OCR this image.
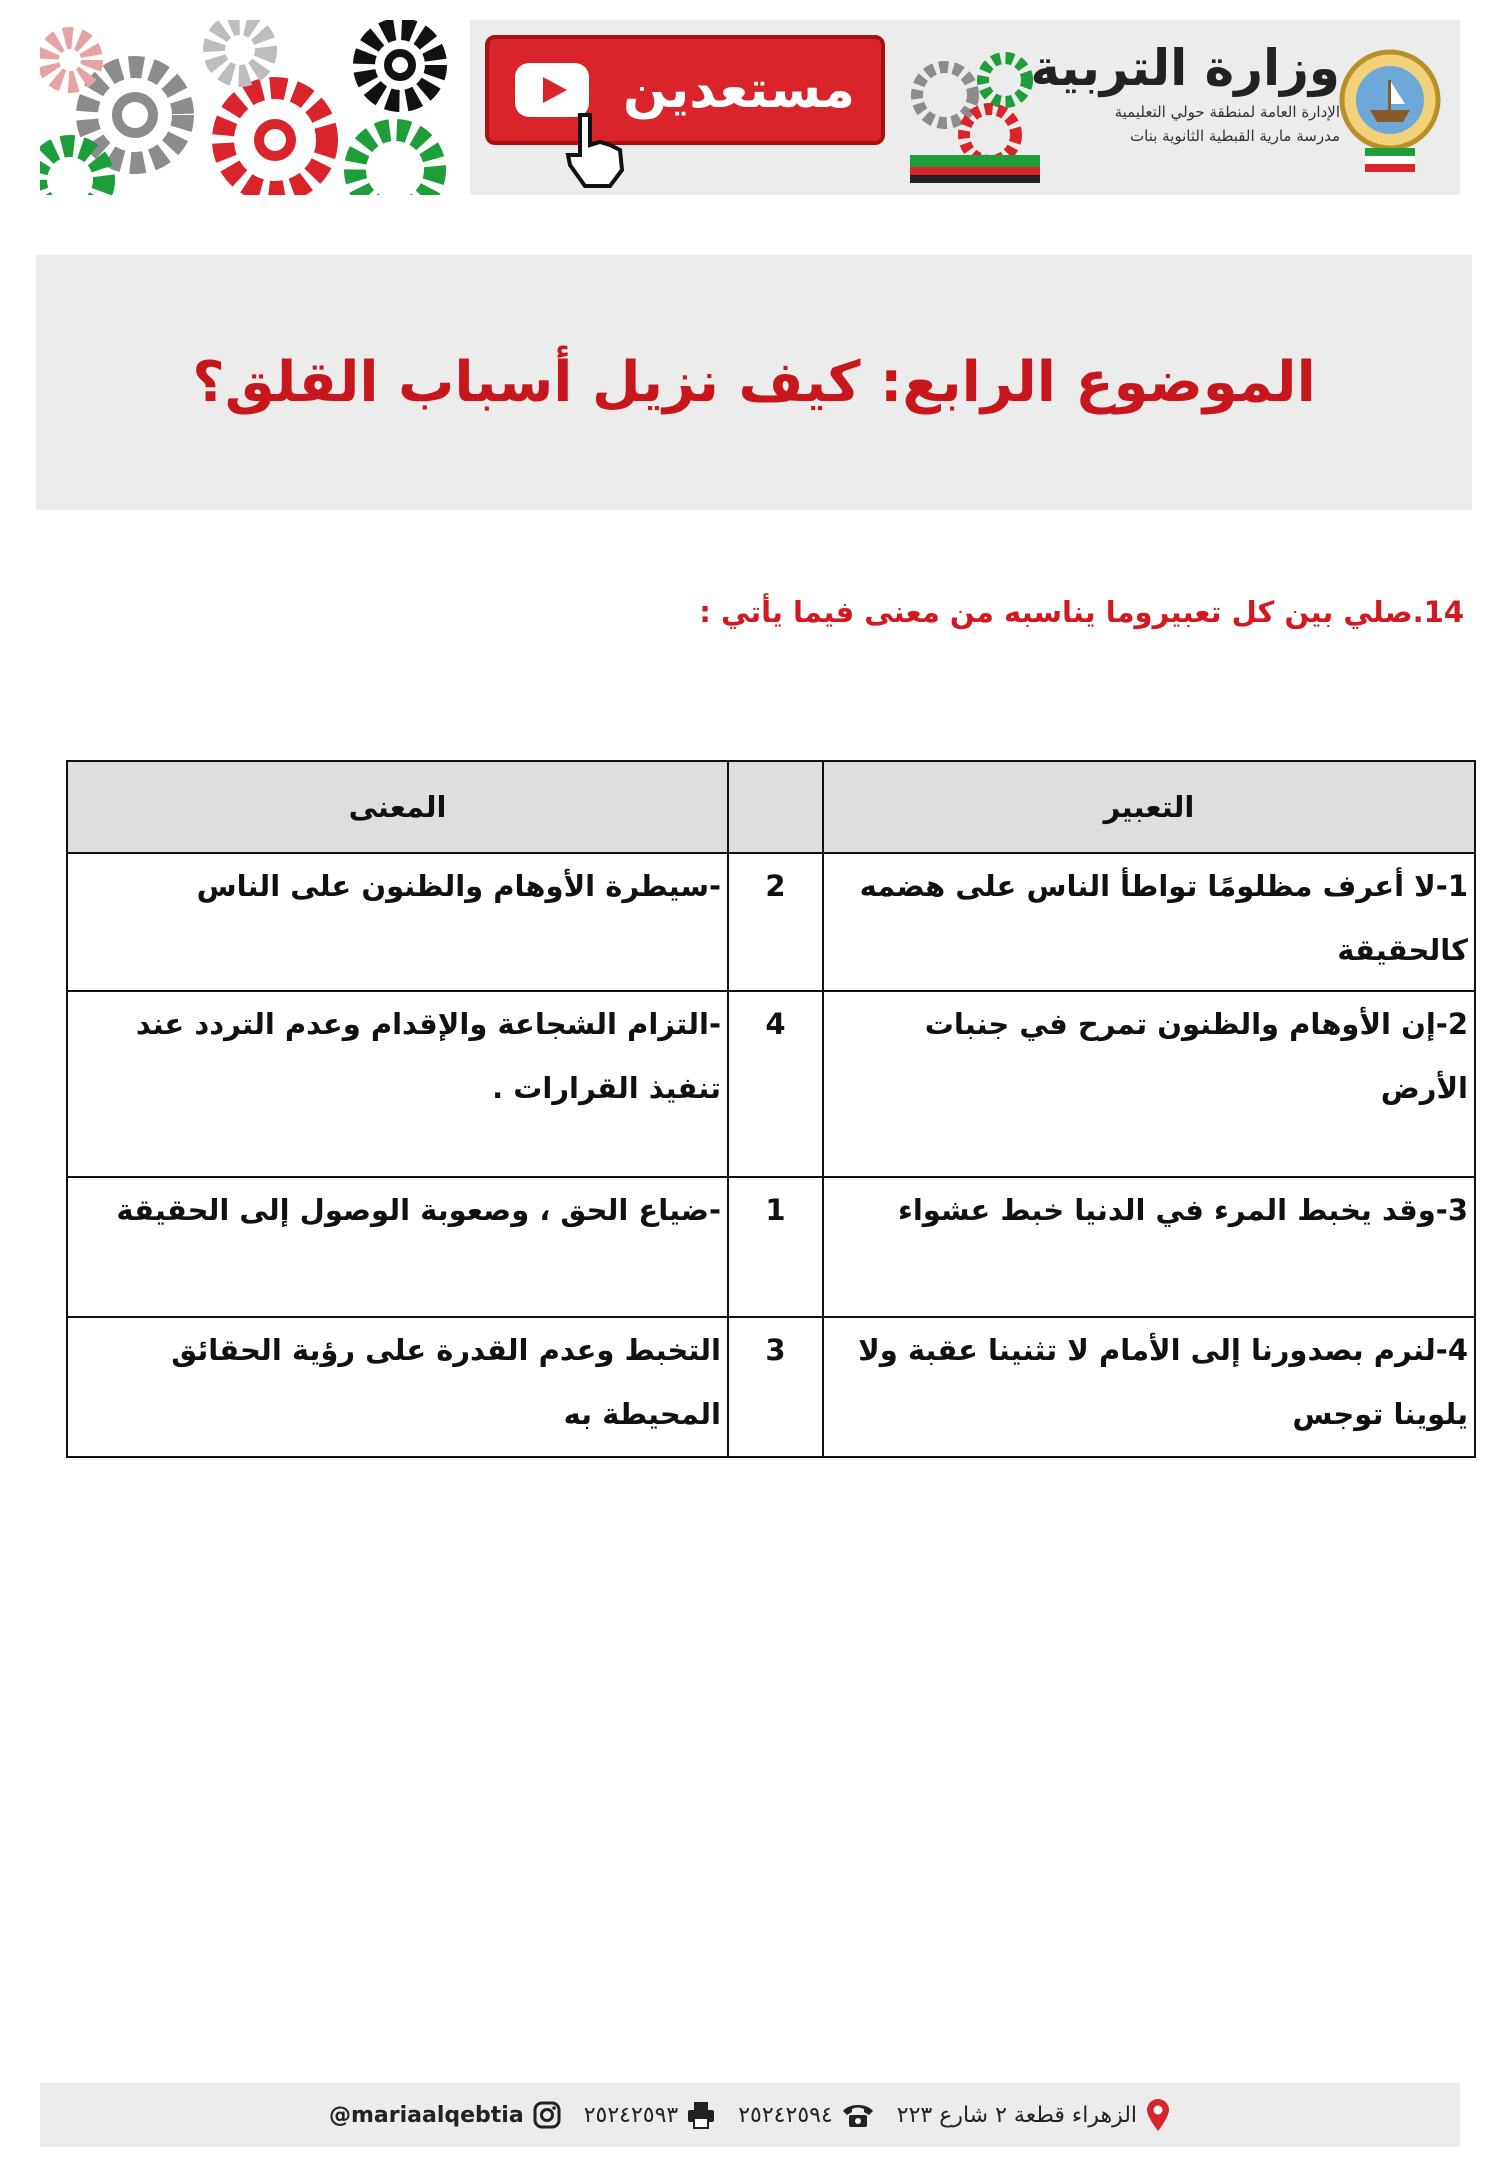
مستعدين	وزارة التربية
الإدارة العامة لمنطقة حولي التعليمية
مدرسة مارية القبطية الثانوية بنات
الموضوع الرابع: كيف نزيل أسباب القلق؟
14.صلي بين كل تعبيروما يناسبه من معنى فيما يأتي :
التعبير		المعنى
1-لا أعرف مظلومًا تواطأ الناس على هضمه كالحقيقة	2	-سيطرة الأوهام والظنون على الناس
2-إن الأوهام والظنون تمرح في جنبات الأرض	4	-التزام الشجاعة والإقدام وعدم التردد عند تنفيذ القرارات .
3-وقد يخبط المرء في الدنيا خبط عشواء	1	-ضياع الحق ، وصعوبة الوصول إلى الحقيقة
4-لنرم بصدورنا إلى الأمام لا تثنينا عقبة ولا يلوينا توجس	3	التخبط وعدم القدرة على رؤية الحقائق المحيطة به
الزهراء قطعة ٢ شارع ٢٢٣
٢٥٢٤٢٥٩٤
٢٥٢٤٢٥٩٣
@mariaalqebtia
